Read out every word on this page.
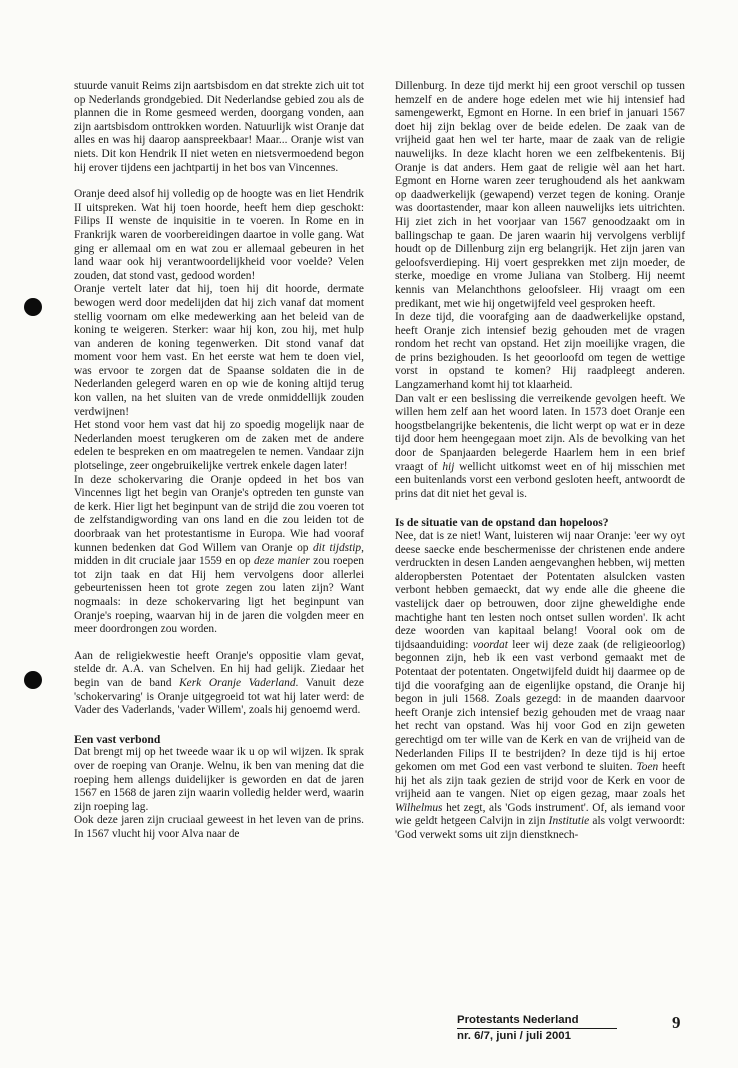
stuurde vanuit Reims zijn aartsbisdom en dat strekte zich uit tot op Nederlands grondgebied. Dit Nederlandse gebied zou als de plannen die in Rome gesmeed werden, doorgang vonden, aan zijn aartsbisdom onttrokken worden. Natuurlijk wist Oranje dat alles en was hij daarop aanspreekbaar! Maar... Oranje wist van niets. Dit kon Hendrik II niet weten en nietsvermoedend begon hij erover tijdens een jachtpartij in het bos van Vincennes.

Oranje deed alsof hij volledig op de hoogte was en liet Hendrik II uitspreken. Wat hij toen hoorde, heeft hem diep geschokt: Filips II wenste de inquisitie in te voeren. In Rome en in Frankrijk waren de voorbereidingen daartoe in volle gang. Wat ging er allemaal om en wat zou er allemaal gebeuren in het land waar ook hij verantwoordelijkheid voor voelde? Velen zouden, dat stond vast, gedood worden!

Oranje vertelt later dat hij, toen hij dit hoorde, dermate bewogen werd door medelijden dat hij zich vanaf dat moment stellig voornam om elke medewerking aan het beleid van de koning te weigeren. Sterker: waar hij kon, zou hij, met hulp van anderen de koning tegenwerken. Dit stond vanaf dat moment voor hem vast. En het eerste wat hem te doen viel, was ervoor te zorgen dat de Spaanse soldaten die in de Nederlanden gelegerd waren en op wie de koning altijd terug kon vallen, na het sluiten van de vrede onmiddellijk zouden verdwijnen!

Het stond voor hem vast dat hij zo spoedig mogelijk naar de Nederlanden moest terugkeren om de zaken met de andere edelen te bespreken en om maatregelen te nemen. Vandaar zijn plotselinge, zeer ongebruikelijke vertrek enkele dagen later!

In deze schokervaring die Oranje opdeed in het bos van Vincennes ligt het begin van Oranje's optreden ten gunste van de kerk. Hier ligt het beginpunt van de strijd die zou voeren tot de zelfstandigwording van ons land en die zou leiden tot de doorbraak van het protestantisme in Europa. Wie had vooraf kunnen bedenken dat God Willem van Oranje op dit tijdstip, midden in dit cruciale jaar 1559 en op deze manier zou roepen tot zijn taak en dat Hij hem vervolgens door allerlei gebeurtenissen heen tot grote zegen zou laten zijn? Want nogmaals: in deze schokervaring ligt het beginpunt van Oranje's roeping, waarvan hij in de jaren die volgden meer en meer doordrongen zou worden.

Aan de religiekwestie heeft Oranje's oppositie vlam gevat, stelde dr. A.A. van Schelven. En hij had gelijk. Ziedaar het begin van de band Kerk Oranje Vaderland. Vanuit deze 'schokervaring' is Oranje uitgegroeid tot wat hij later werd: de Vader des Vaderlands, 'vader Willem', zoals hij genoemd werd.

Een vast verbond

Dat brengt mij op het tweede waar ik u op wil wijzen. Ik sprak over de roeping van Oranje. Welnu, ik ben van mening dat die roeping hem allengs duidelijker is geworden en dat de jaren 1567 en 1568 de jaren zijn waarin volledig helder werd, waarin zijn roeping lag.

Ook deze jaren zijn cruciaal geweest in het leven van de prins. In 1567 vlucht hij voor Alva naar de

Dillenburg. In deze tijd merkt hij een groot verschil op tussen hemzelf en de andere hoge edelen met wie hij intensief had samengewerkt, Egmont en Horne. In een brief in januari 1567 doet hij zijn beklag over de beide edelen. De zaak van de vrijheid gaat hen wel ter harte, maar de zaak van de religie nauwelijks. In deze klacht horen we een zelfbekentenis. Bij Oranje is dat anders. Hem gaat de religie wèl aan het hart. Egmont en Horne waren zeer terughoudend als het aankwam op daadwerkelijk (gewapend) verzet tegen de koning. Oranje was doortastender, maar kon alleen nauwelijks iets uitrichten. Hij ziet zich in het voorjaar van 1567 genoodzaakt om in ballingschap te gaan. De jaren waarin hij vervolgens verblijf houdt op de Dillenburg zijn erg belangrijk. Het zijn jaren van geloofsverdieping. Hij voert gesprekken met zijn moeder, de sterke, moedige en vrome Juliana van Stolberg. Hij neemt kennis van Melanchthons geloofsleer. Hij vraagt om een predikant, met wie hij ongetwijfeld veel gesproken heeft.

In deze tijd, die voorafging aan de daadwerkelijke opstand, heeft Oranje zich intensief bezig gehouden met de vragen rondom het recht van opstand. Het zijn moeilijke vragen, die de prins bezighouden. Is het geoorloofd om tegen de wettige vorst in opstand te komen? Hij raadpleegt anderen. Langzamerhand komt hij tot klaarheid.

Dan valt er een beslissing die verreikende gevolgen heeft. We willen hem zelf aan het woord laten. In 1573 doet Oranje een hoogstbelangrijke bekentenis, die licht werpt op wat er in deze tijd door hem heengegaan moet zijn. Als de bevolking van het door de Spanjaarden belegerde Haarlem hem in een brief vraagt of hij wellicht uitkomst weet en of hij misschien met een buitenlands vorst een verbond gesloten heeft, antwoordt de prins dat dit niet het geval is.

Is de situatie van de opstand dan hopeloos?

Nee, dat is ze niet! Want, luisteren wij naar Oranje: 'eer wy oyt deese saecke ende beschermenisse der christenen ende andere verdruckten in desen Landen aengevanghen hebben, wij metten alderopbersten Potentaet der Potentaten alsulcken vasten verbont hebben gemaeckt, dat wy ende alle die gheene die vastelijck daer op betrouwen, door zijne gheweldighe ende machtighe hant ten lesten noch ontset sullen worden'. Ik acht deze woorden van kapitaal belang! Vooral ook om de tijdsaanduiding: voordat leer wij deze zaak (de religieoorlog) begonnen zijn, heb ik een vast verbond gemaakt met de Potentaat der potentaten. Ongetwijfeld duidt hij daarmee op de tijd die voorafging aan de eigenlijke opstand, die Oranje hij begon in juli 1568. Zoals gezegd: in de maanden daarvoor heeft Oranje zich intensief bezig gehouden met de vraag naar het recht van opstand. Was hij voor God en zijn geweten gerechtigd om ter wille van de Kerk en van de vrijheid van de Nederlanden Filips II te bestrijden? In deze tijd is hij ertoe gekomen om met God een vast verbond te sluiten. Toen heeft hij het als zijn taak gezien de strijd voor de Kerk en voor de vrijheid aan te vangen. Niet op eigen gezag, maar zoals het Wilhelmus het zegt, als 'Gods instrument'. Of, als iemand voor wie geldt hetgeen Calvijn in zijn Institutie als volgt verwoordt: 'God verwekt soms uit zijn dienstknech-

Protestants Nederland
nr. 6/7, juni / juli 2001
9
